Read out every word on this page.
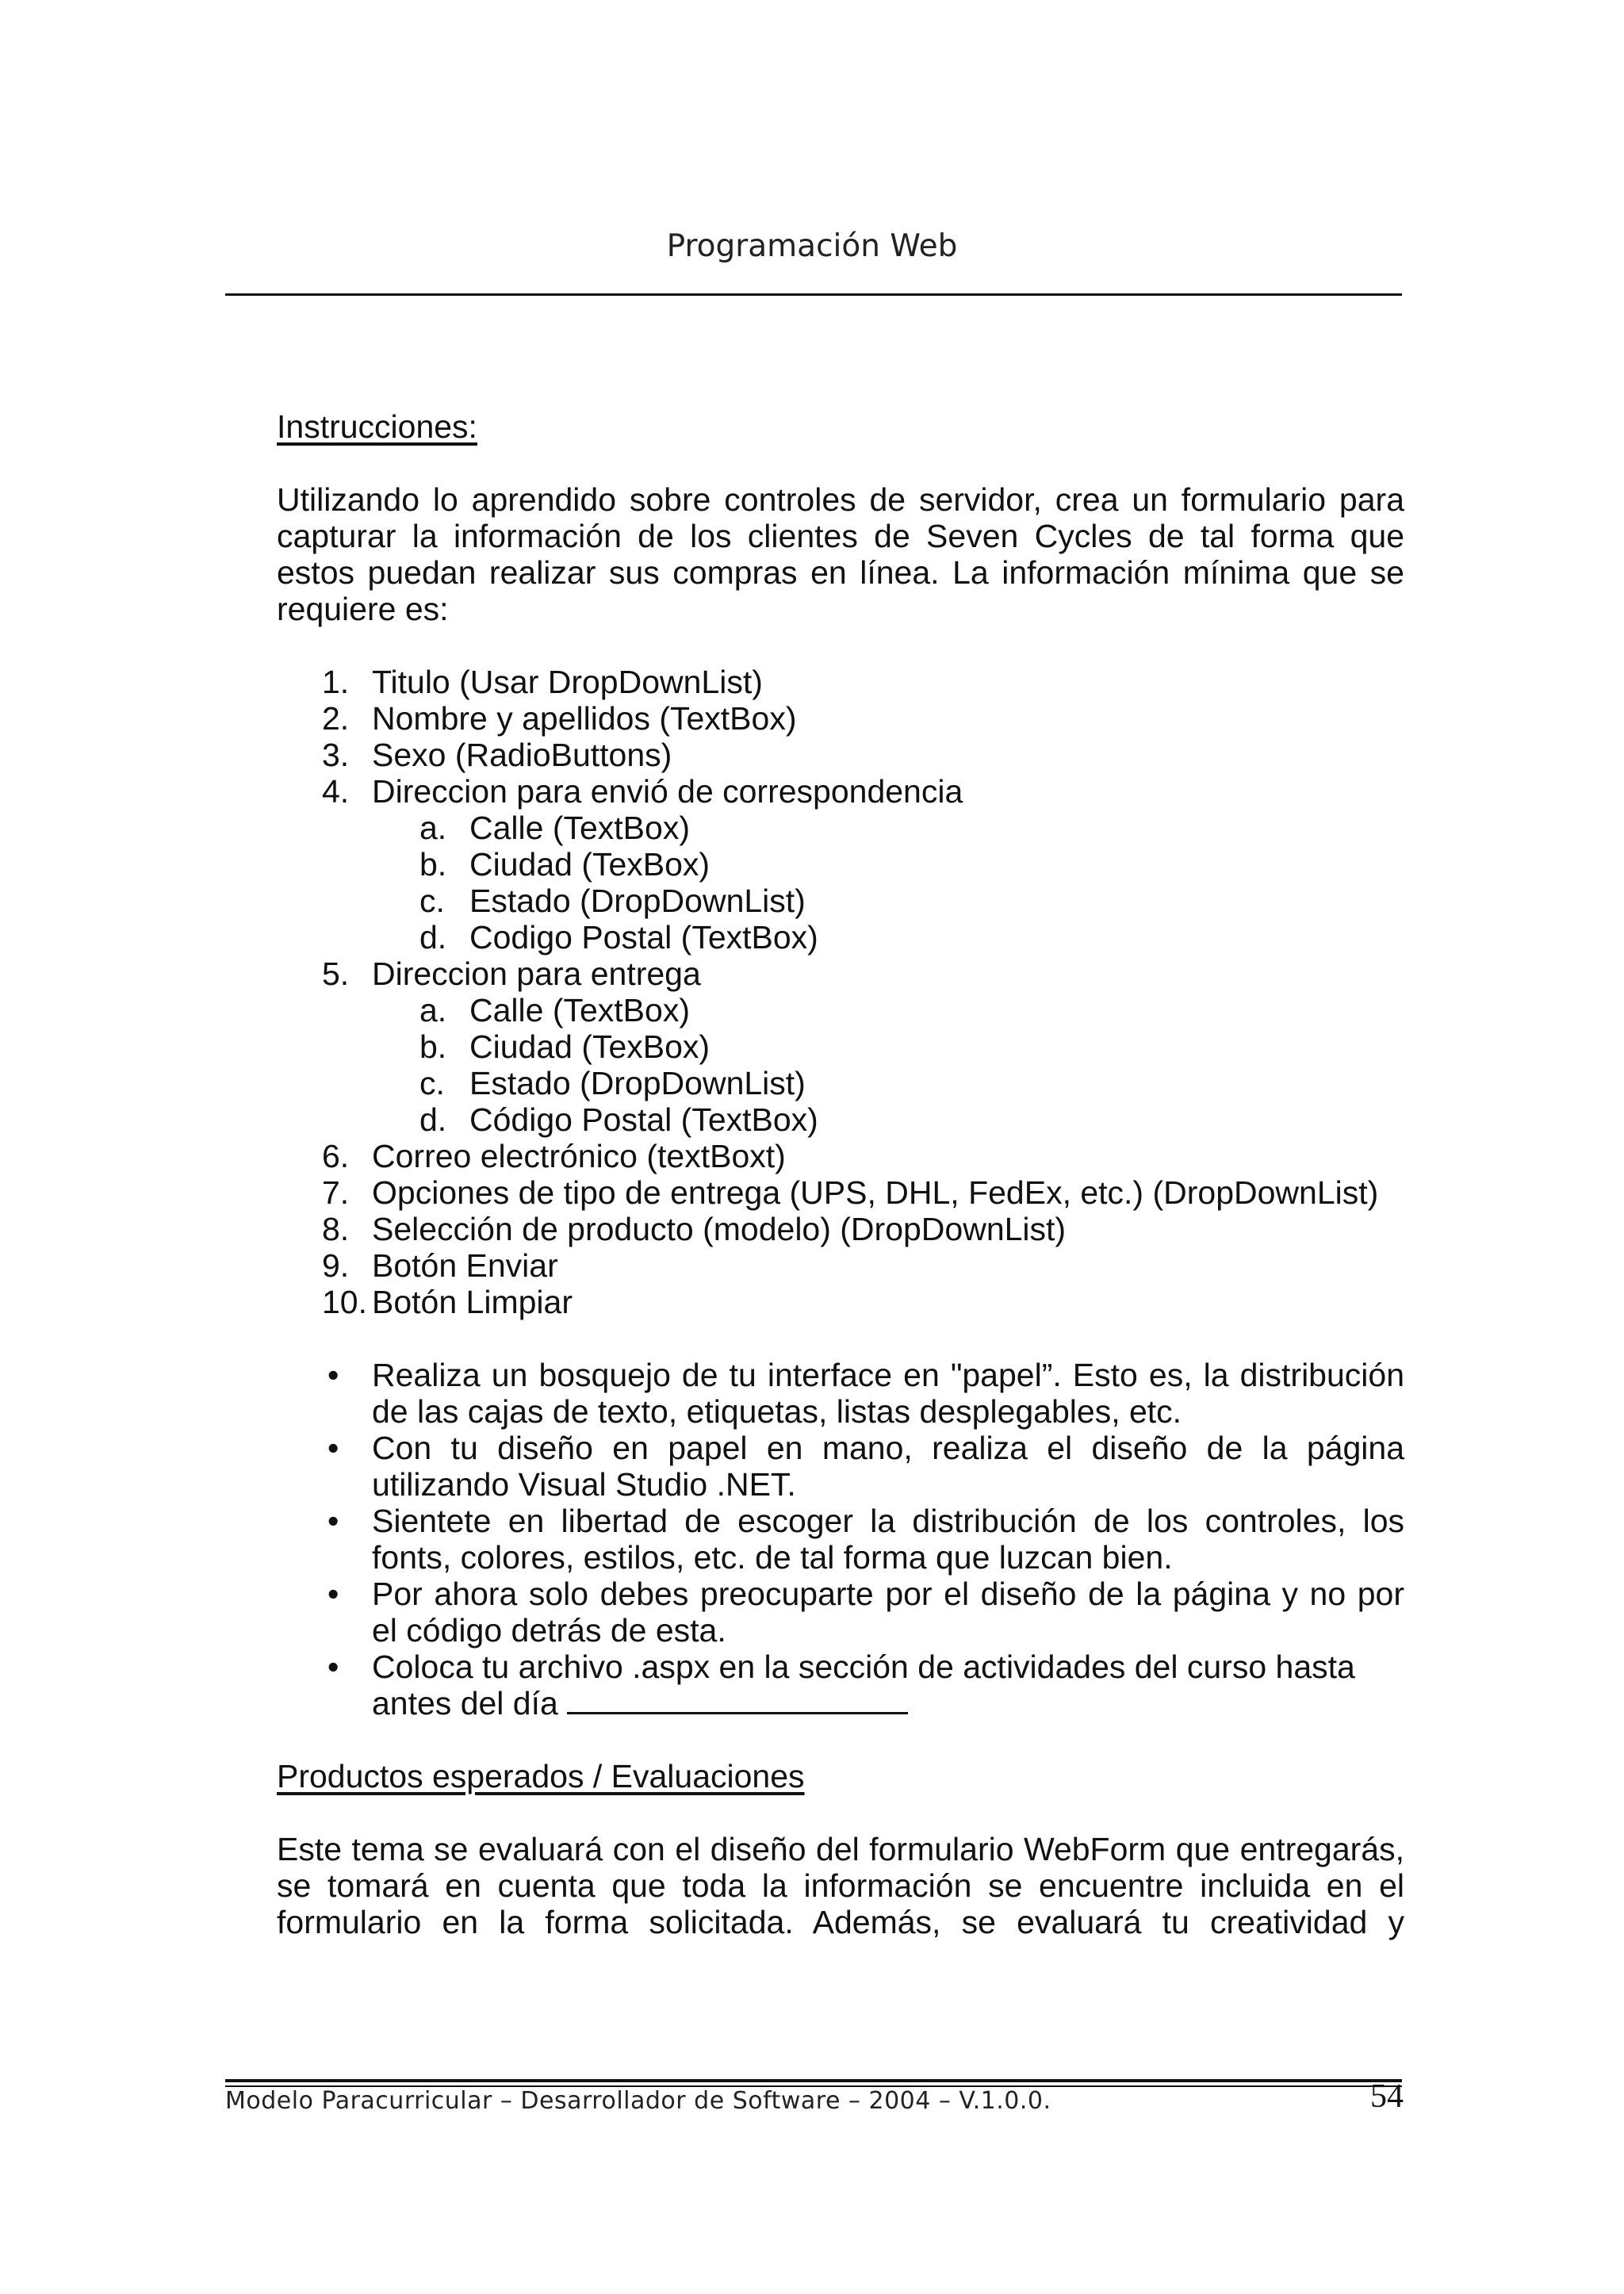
Programación Web

Instrucciones:

Utilizando lo aprendido sobre controles de servidor, crea un formulario para capturar la información de los clientes de Seven Cycles de tal forma que estos puedan realizar sus compras en línea. La información mínima que se requiere es:

1. Titulo (Usar DropDownList)
2. Nombre y apellidos (TextBox)
3. Sexo (RadioButtons)
4. Direccion para envió de correspondencia
a. Calle (TextBox)
b. Ciudad (TexBox)
c. Estado (DropDownList)
d. Codigo Postal (TextBox)
5. Direccion para entrega
a. Calle (TextBox)
b. Ciudad (TexBox)
c. Estado (DropDownList)
d. Código Postal (TextBox)
6. Correo electrónico (textBoxt)
7. Opciones de tipo de entrega (UPS, DHL, FedEx, etc.) (DropDownList)
8. Selección de producto (modelo) (DropDownList)
9. Botón Enviar
10. Botón Limpiar
• Realiza un bosquejo de tu interface en "papel”. Esto es, la distribución de las cajas de texto, etiquetas, listas desplegables, etc.
• Con tu diseño en papel en mano, realiza el diseño de la página utilizando Visual Studio .NET.
• Sientete en libertad de escoger la distribución de los controles, los fonts, colores, estilos, etc. de tal forma que luzcan bien.
• Por ahora solo debes preocuparte por el diseño de la página y no por el código detrás de esta.
• Coloca tu archivo .aspx en la sección de actividades del curso hasta antes del día

Productos esperados / Evaluaciones

Este tema se evaluará con el diseño del formulario WebForm que entregarás, se tomará en cuenta que toda la información se encuentre incluida en el formulario en la forma solicitada. Además, se evaluará tu creatividad y

Modelo Paracurricular – Desarrollador de Software – 2004 – V.1.0.0.	54
